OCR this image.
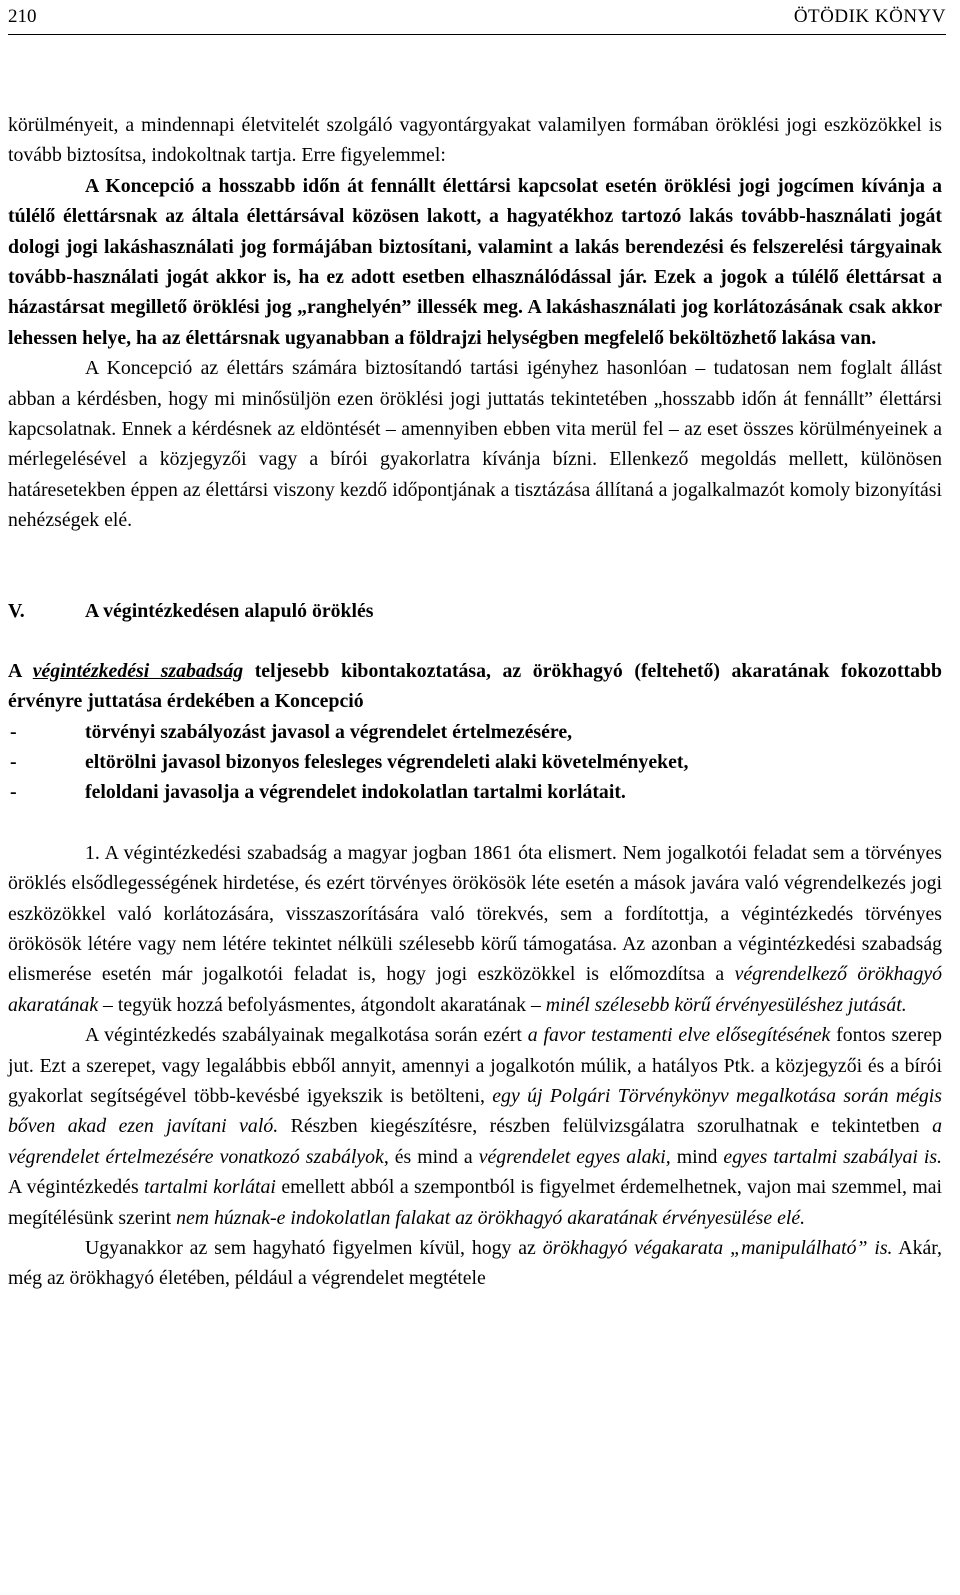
210	ÖTÖDIK KÖNYV

körülményeit, a mindennapi életvitelét szolgáló vagyontárgyakat valamilyen formában öröklési jogi eszközökkel is tovább biztosítsa, indokoltnak tartja. Erre figyelemmel:

A Koncepció a hosszabb időn át fennállt élettársi kapcsolat esetén öröklési jogi jogcímen kívánja a túlélő élettársnak az általa élettársával közösen lakott, a hagyatékhoz tartozó lakás tovább-használati jogát dologi jogi lakáshasználati jog formájában biztosítani, valamint a lakás berendezési és felszerelési tárgyainak tovább-használati jogát akkor is, ha ez adott esetben elhasználódással jár. Ezek a jogok a túlélő élettársat a házastársat megillető öröklési jog „ranghelyén” illessék meg. A lakáshasználati jog korlátozásának csak akkor lehessen helye, ha az élettársnak ugyanabban a földrajzi helységben megfelelő beköltözhető lakása van.

A Koncepció az élettárs számára biztosítandó tartási igényhez hasonlóan – tudatosan nem foglalt állást abban a kérdésben, hogy mi minősüljön ezen öröklési jogi juttatás tekintetében „hosszabb időn át fennállt” élettársi kapcsolatnak. Ennek a kérdésnek az eldöntését – amennyiben ebben vita merül fel – az eset összes körülményeinek a mérlegelésével a közjegyzői vagy a bírói gyakorlatra kívánja bízni. Ellenkező megoldás mellett, különösen határesetekben éppen az élettársi viszony kezdő időpontjának a tisztázása állítaná a jogalkalmazót komoly bizonyítási nehézségek elé.

V.	A végintézkedésen alapuló öröklés

A végintézkedési szabadság teljesebb kibontakoztatása, az örökhagyó (feltehető) akaratának fokozottabb érvényre juttatása érdekében a Koncepció

-	törvényi szabályozást javasol a végrendelet értelmezésére,
-	eltörölni javasol bizonyos felesleges végrendeleti alaki követelményeket,
-	feloldani javasolja a végrendelet indokolatlan tartalmi korlátait.

1. A végintézkedési szabadság a magyar jogban 1861 óta elismert. Nem jogalkotói feladat sem a törvényes öröklés elsődlegességének hirdetése, és ezért törvényes örökösök léte esetén a mások javára való végrendelkezés jogi eszközökkel való korlátozására, visszaszorítására való törekvés, sem a fordítottja, a végintézkedés törvényes örökösök létére vagy nem létére tekintet nélküli szélesebb körű támogatása. Az azonban a végintézkedési szabadság elismerése esetén már jogalkotói feladat is, hogy jogi eszközökkel is előmozdítsa a végrendelkező örökhagyó akaratának – tegyük hozzá befolyásmentes, átgondolt akaratának – minél szélesebb körű érvényesüléshez jutását.

A végintézkedés szabályainak megalkotása során ezért a favor testamenti elve elősegítésének fontos szerep jut. Ezt a szerepet, vagy legalábbis ebből annyit, amennyi a jogalkotón múlik, a hatályos Ptk. a közjegyzői és a bírói gyakorlat segítségével több-kevésbé igyekszik is betölteni, egy új Polgári Törvénykönyv megalkotása során mégis bőven akad ezen javítani való. Részben kiegészítésre, részben felülvizsgálatra szorulhatnak e tekintetben a végrendelet értelmezésére vonatkozó szabályok, és mind a végrendelet egyes alaki, mind egyes tartalmi szabályai is. A végintézkedés tartalmi korlátai emellett abból a szempontból is figyelmet érdemelhetnek, vajon mai szemmel, mai megítélésünk szerint nem húznak-e indokolatlan falakat az örökhagyó akaratának érvényesülése elé.

Ugyanakkor az sem hagyható figyelmen kívül, hogy az örökhagyó végakarata „manipulálható” is. Akár, még az örökhagyó életében, például a végrendelet megtétele
